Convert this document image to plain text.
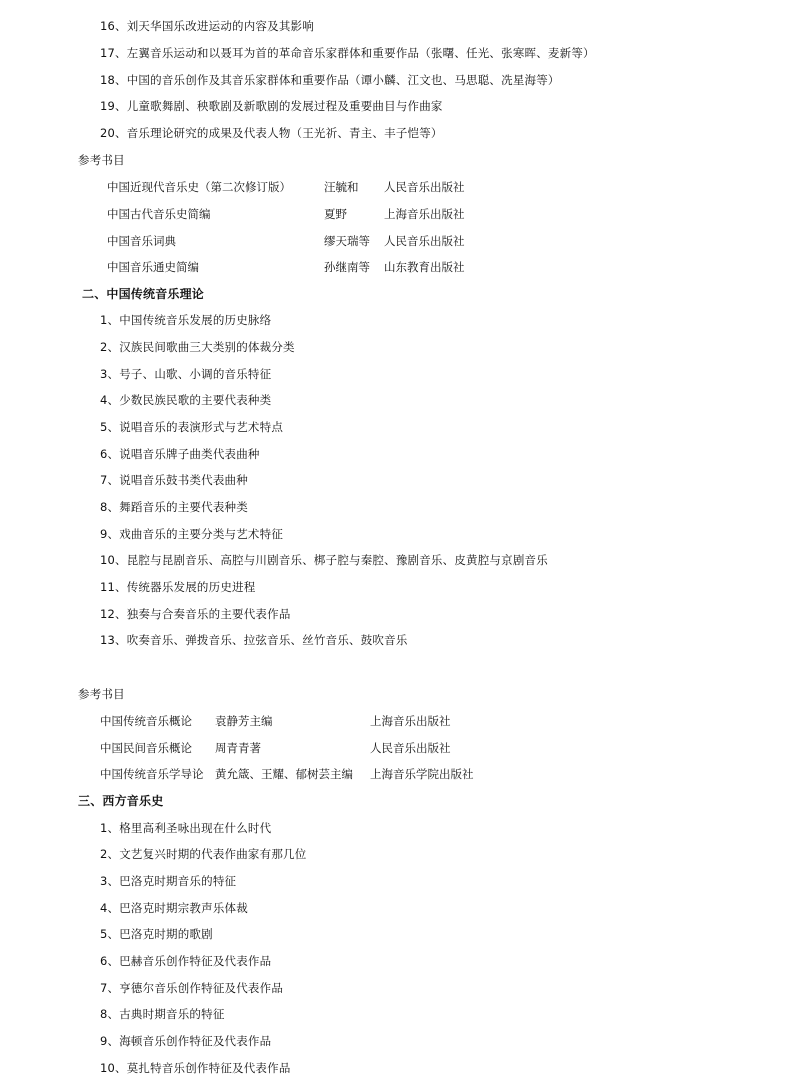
16、刘天华国乐改进运动的内容及其影响
17、左翼音乐运动和以聂耳为首的革命音乐家群体和重要作品（张曙、任光、张寒晖、麦新等）
18、中国的音乐创作及其音乐家群体和重要作品（谭小麟、江文也、马思聪、冼星海等）
19、儿童歌舞剧、秧歌剧及新歌剧的发展过程及重要曲目与作曲家
20、音乐理论研究的成果及代表人物（王光祈、青主、丰子恺等）
参考书目
中国近现代音乐史（第二次修订版）	汪毓和 人民音乐出版社
中国古代音乐史简编	夏野	上海音乐出版社
中国音乐词典	缪天瑞等 人民音乐出版社
中国音乐通史简编	孙继南等 山东教育出版社
二、中国传统音乐理论
1、中国传统音乐发展的历史脉络
2、汉族民间歌曲三大类别的体裁分类
3、号子、山歌、小调的音乐特征
4、少数民族民歌的主要代表种类
5、说唱音乐的表演形式与艺术特点
6、说唱音乐牌子曲类代表曲种
7、说唱音乐鼓书类代表曲种
8、舞蹈音乐的主要代表种类
9、戏曲音乐的主要分类与艺术特征
10、昆腔与昆剧音乐、高腔与川剧音乐、梆子腔与秦腔、豫剧音乐、皮黄腔与京剧音乐
11、传统器乐发展的历史进程
12、独奏与合奏音乐的主要代表作品
13、吹奏音乐、弹拨音乐、拉弦音乐、丝竹音乐、鼓吹音乐
参考书目
中国传统音乐概论 袁静芳主编	上海音乐出版社
中国民间音乐概论 周青青著	人民音乐出版社
中国传统音乐学导论 黄允箴、王耀、郁树芸主编 上海音乐学院出版社
三、西方音乐史
1、格里高利圣咏出现在什么时代
2、文艺复兴时期的代表作曲家有那几位
3、巴洛克时期音乐的特征
4、巴洛克时期宗教声乐体裁
5、巴洛克时期的歌剧
6、巴赫音乐创作特征及代表作品
7、亨德尔音乐创作特征及代表作品
8、古典时期音乐的特征
9、海顿音乐创作特征及代表作品
10、莫扎特音乐创作特征及代表作品
